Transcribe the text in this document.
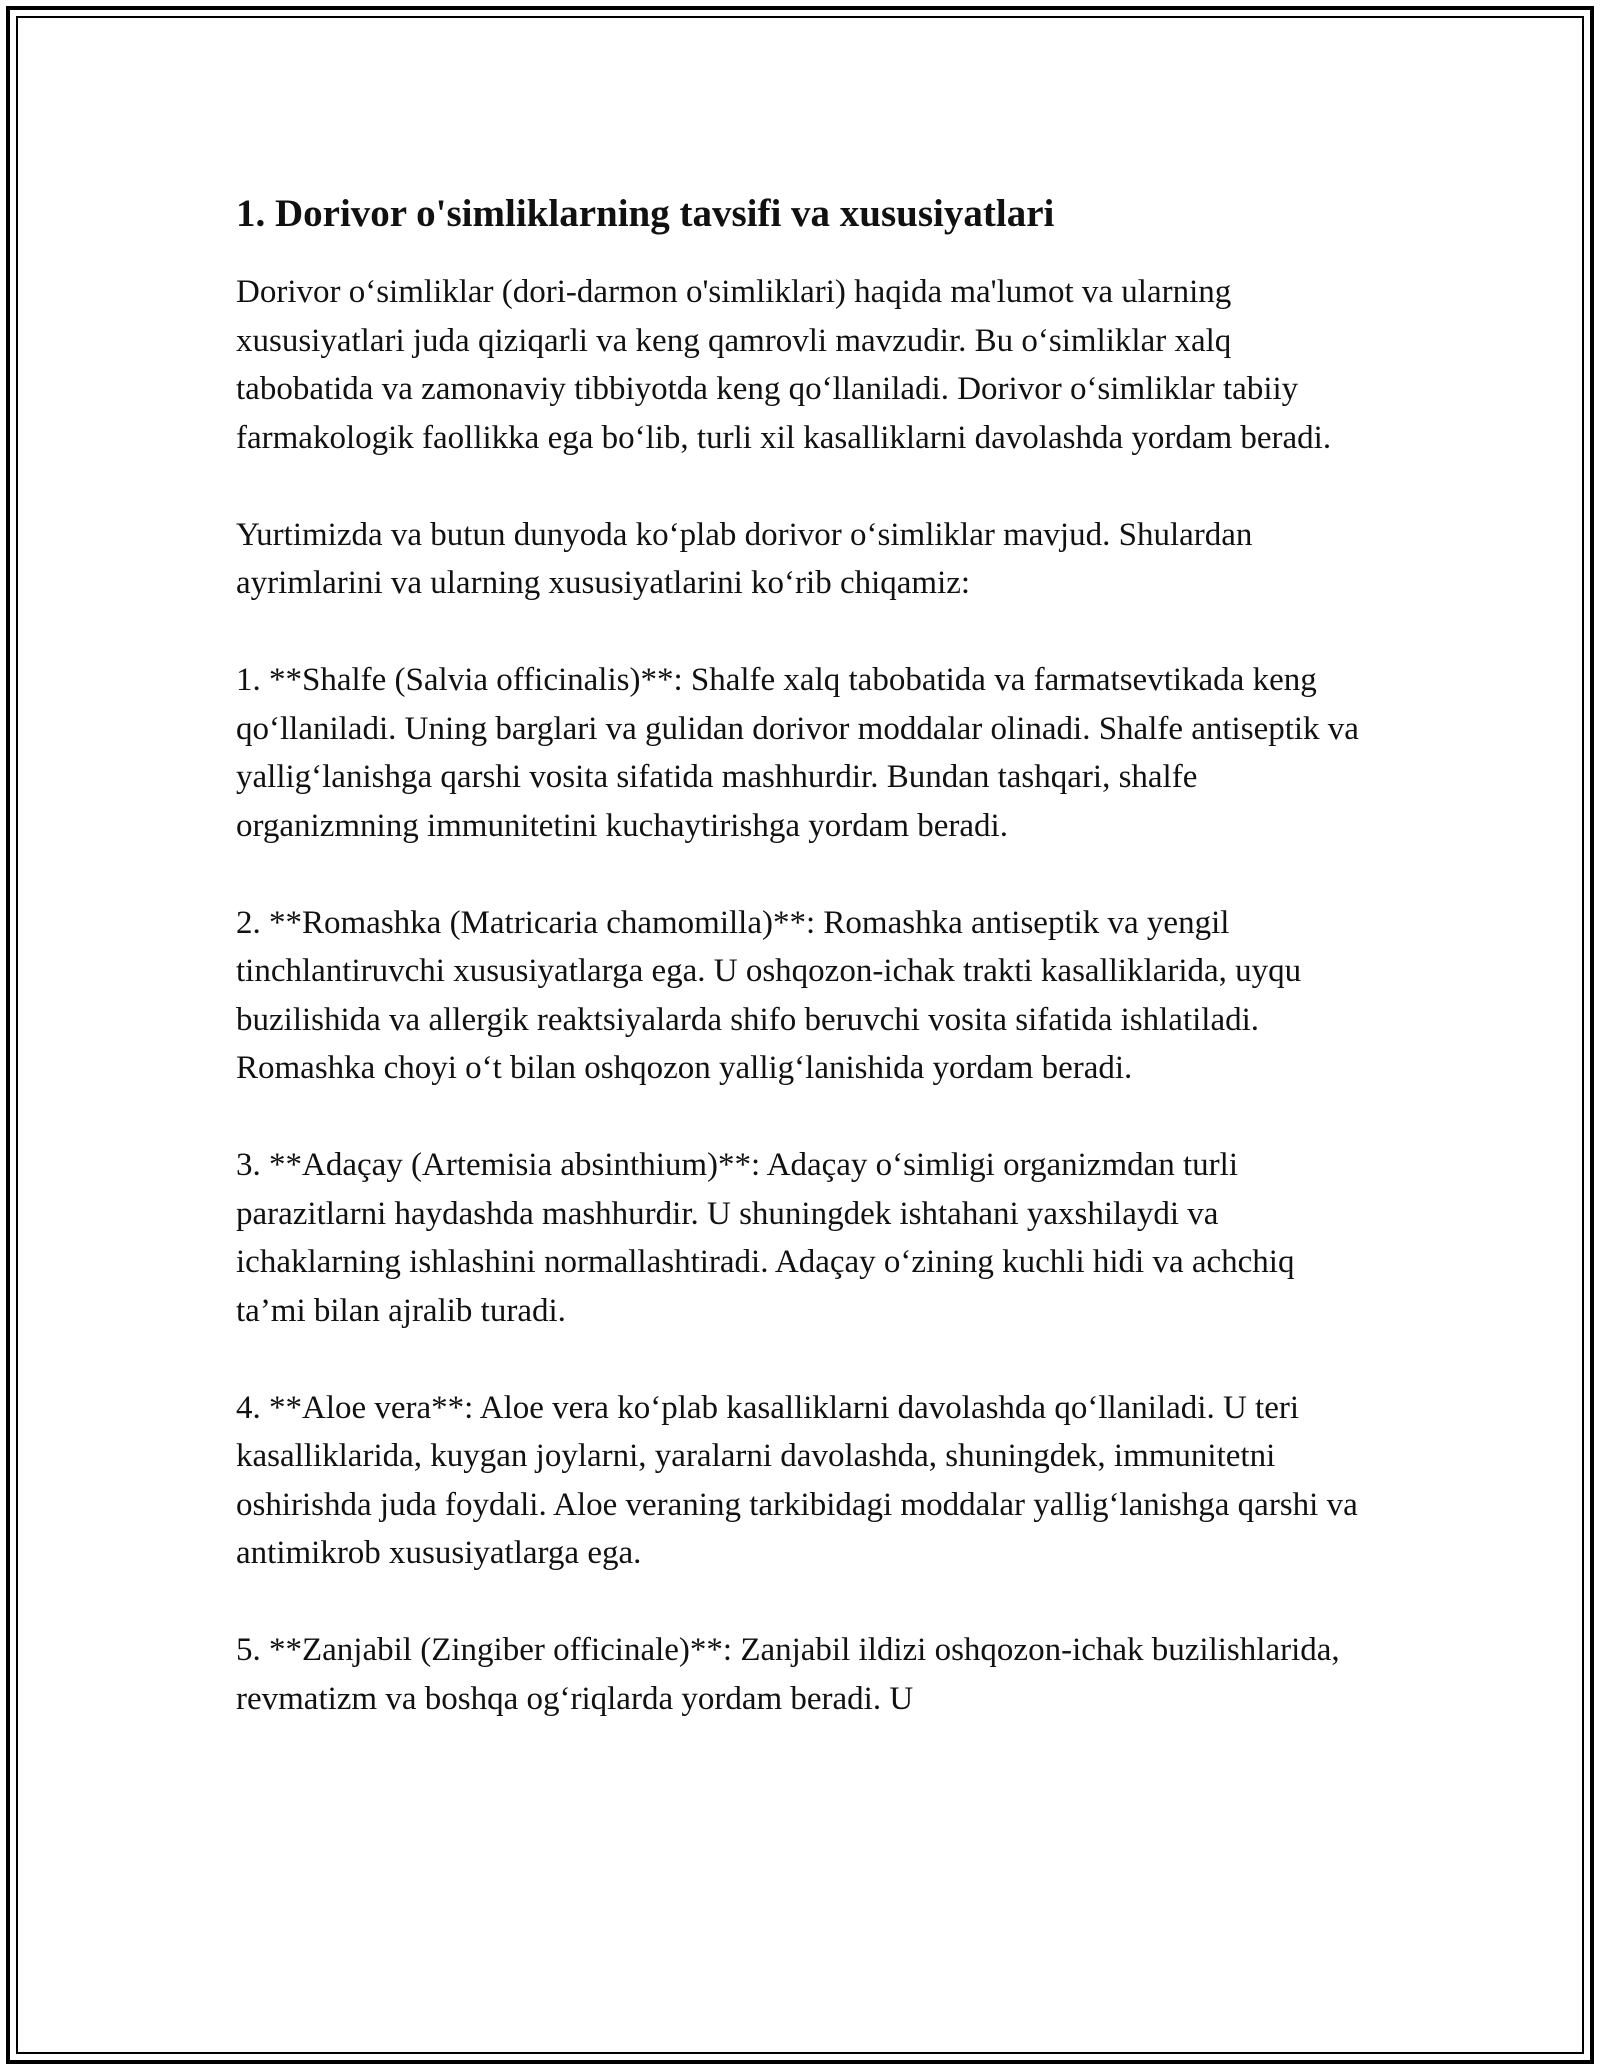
1. Dorivor o'simliklarning tavsifi va xususiyatlari

Dorivor o‘simliklar (dori-darmon o'simliklari) haqida ma'lumot va ularning xususiyatlari juda qiziqarli va keng qamrovli mavzudir. Bu o‘simliklar xalq tabobatida va zamonaviy tibbiyotda keng qo‘llaniladi. Dorivor o‘simliklar tabiiy farmakologik faollikka ega bo‘lib, turli xil kasalliklarni davolashda yordam beradi.

Yurtimizda va butun dunyoda ko‘plab dorivor o‘simliklar mavjud. Shulardan ayrimlarini va ularning xususiyatlarini ko‘rib chiqamiz:

1. **Shalfe (Salvia officinalis)**: Shalfe xalq tabobatida va farmatsevtikada keng qo‘llaniladi. Uning barglari va gulidan dorivor moddalar olinadi. Shalfe antiseptik va yallig‘lanishga qarshi vosita sifatida mashhurdir. Bundan tashqari, shalfe organizmning immunitetini kuchaytirishga yordam beradi.

2. **Romashka (Matricaria chamomilla)**: Romashka antiseptik va yengil tinchlantiruvchi xususiyatlarga ega. U oshqozon-ichak trakti kasalliklarida, uyqu buzilishida va allergik reaktsiyalarda shifo beruvchi vosita sifatida ishlatiladi. Romashka choyi o‘t bilan oshqozon yallig‘lanishida yordam beradi.

3. **Adaçay (Artemisia absinthium)**: Adaçay o‘simligi organizmdan turli parazitlarni haydashda mashhurdir. U shuningdek ishtahani yaxshilaydi va ichaklarning ishlashini normallashtiradi. Adaçay o‘zining kuchli hidi va achchiq ta’mi bilan ajralib turadi.

4. **Aloe vera**: Aloe vera ko‘plab kasalliklarni davolashda qo‘llaniladi. U teri kasalliklarida, kuygan joylarni, yaralarni davolashda, shuningdek, immunitetni oshirishda juda foydali. Aloe veraning tarkibidagi moddalar yallig‘lanishga qarshi va antimikrob xususiyatlarga ega.

5. **Zanjabil (Zingiber officinale)**: Zanjabil ildizi oshqozon-ichak buzilishlarida, revmatizm va boshqa og‘riqlarda yordam beradi. U
